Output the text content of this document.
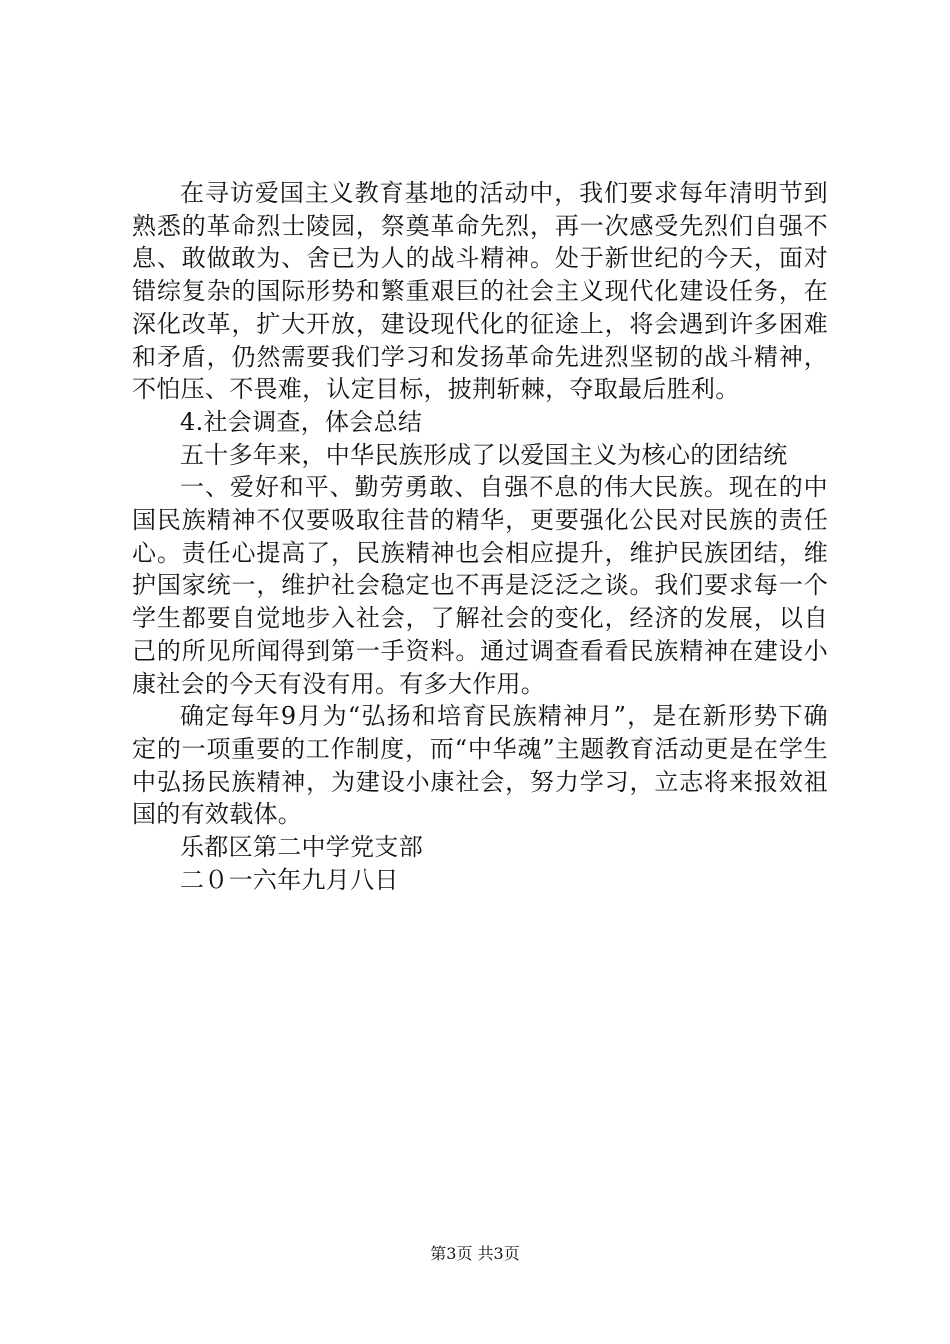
在寻访爱国主义教育基地的活动中，我们要求每年清明节到熟悉的革命烈士陵园，祭奠革命先烈，再一次感受先烈们自强不息、敢做敢为、舍已为人的战斗精神。处于新世纪的今天，面对错综复杂的国际形势和繁重艰巨的社会主义现代化建设任务，在深化改革，扩大开放，建设现代化的征途上，将会遇到许多困难和矛盾，仍然需要我们学习和发扬革命先进烈坚韧的战斗精神，不怕压、不畏难，认定目标，披荆斩棘，夺取最后胜利。

4.社会调查，体会总结

五十多年来，中华民族形成了以爱国主义为核心的团结统

一、爱好和平、勤劳勇敢、自强不息的伟大民族。现在的中国民族精神不仅要吸取往昔的精华，更要强化公民对民族的责任心。责任心提高了，民族精神也会相应提升，维护民族团结，维护国家统一，维护社会稳定也不再是泛泛之谈。我们要求每一个学生都要自觉地步入社会，了解社会的变化，经济的发展，以自己的所见所闻得到第一手资料。通过调查看看民族精神在建设小康社会的今天有没有用。有多大作用。

确定每年9月为“弘扬和培育民族精神月”，是在新形势下确定的一项重要的工作制度，而“中华魂”主题教育活动更是在学生中弘扬民族精神，为建设小康社会，努力学习，立志将来报效祖国的有效载体。

乐都区第二中学党支部

二０一六年九月八日

第3页 共3页
